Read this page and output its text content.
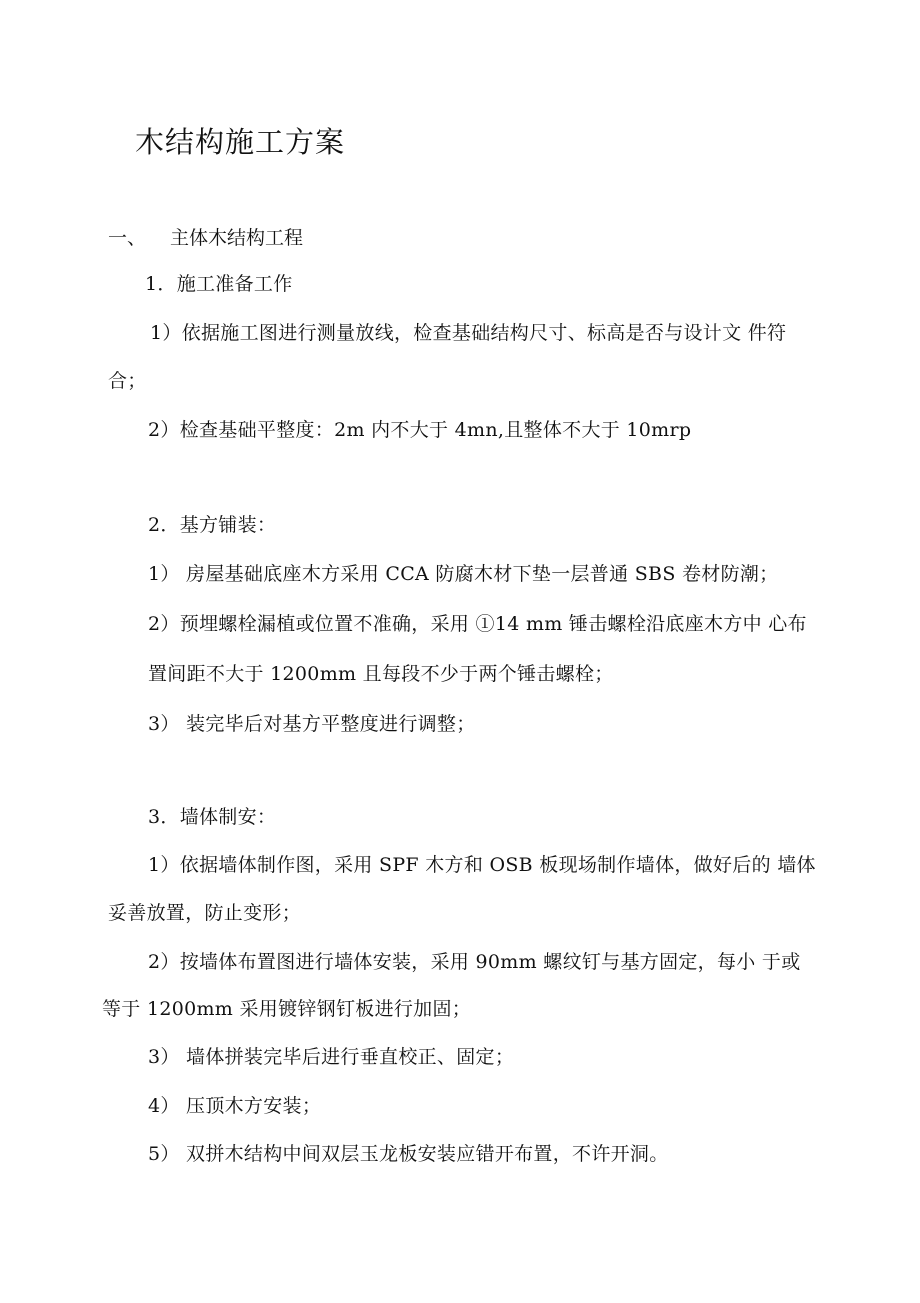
木结构施工方案
一、 主体木结构工程
1．施工准备工作
1）依据施工图进行测量放线，检查基础结构尺寸、标高是否与设计文 件符
合；
2）检查基础平整度：2m 内不大于 4mn,且整体不大于 10mrp
2．基方铺装：
1） 房屋基础底座木方采用 CCA 防腐木材下垫一层普通 SBS 卷材防潮；
2）预埋螺栓漏植或位置不准确，采用 ①14 mm 锤击螺栓沿底座木方中 心布
置间距不大于 1200mm 且每段不少于两个锤击螺栓；
3） 装完毕后对基方平整度进行调整；
3．墙体制安：
1）依据墙体制作图，采用 SPF 木方和 OSB 板现场制作墙体，做好后的 墙体
妥善放置，防止变形；
2）按墙体布置图进行墙体安装，采用 90mm 螺纹钉与基方固定，每小 于或
等于 1200mm 采用镀锌钢钉板进行加固；
3） 墙体拼装完毕后进行垂直校正、固定；
4） 压顶木方安装；
5） 双拼木结构中间双层玉龙板安装应错开布置，不许开洞。
